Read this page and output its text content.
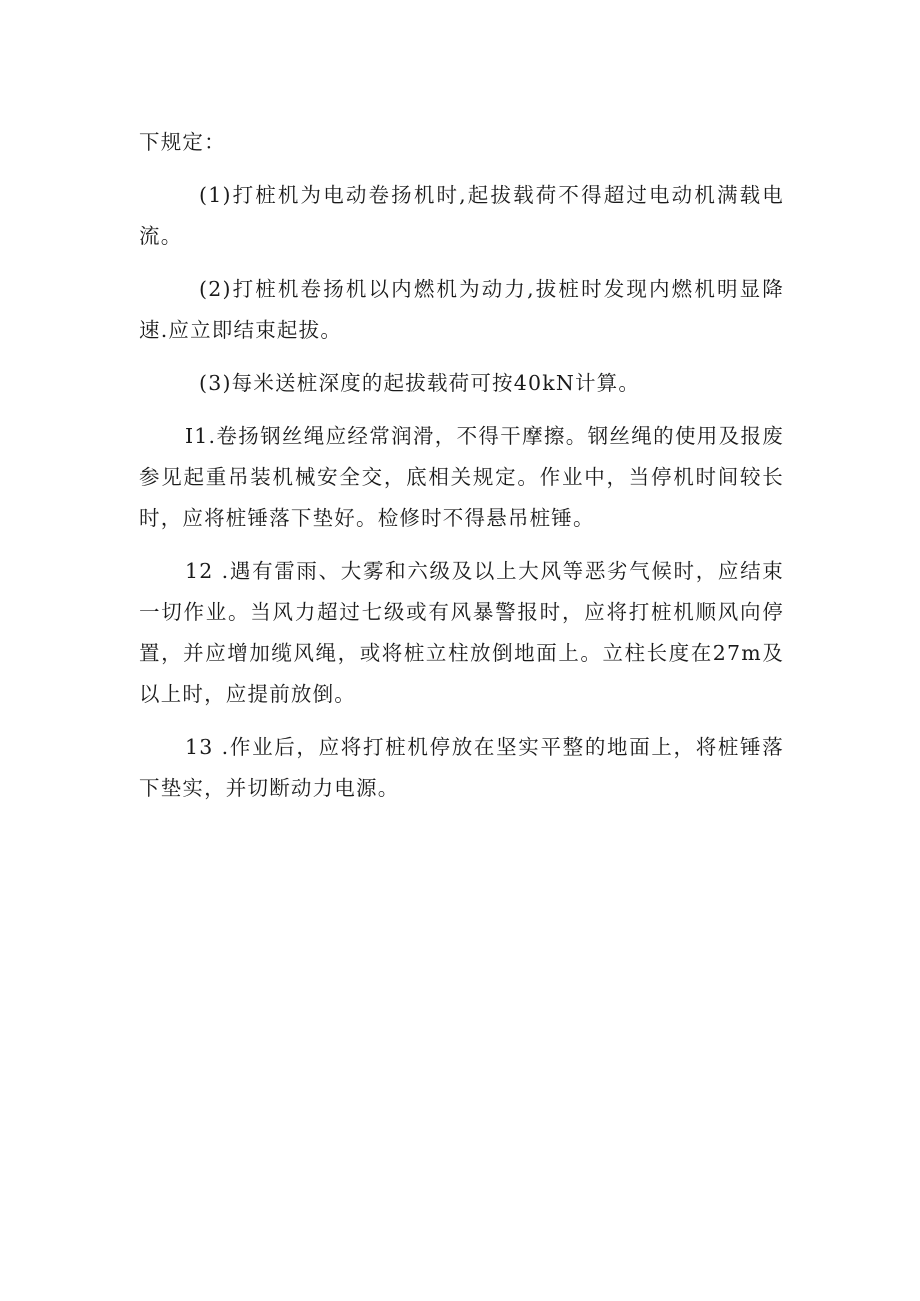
下规定：

(1)打桩机为电动卷扬机时,起拔载荷不得超过电动机满载电流。

(2)打桩机卷扬机以内燃机为动力,拔桩时发现内燃机明显降速.应立即结束起拔。

(3)每米送桩深度的起拔载荷可按40kN计算。

I1.卷扬钢丝绳应经常润滑，不得干摩擦。钢丝绳的使用及报废参见起重吊装机械安全交，底相关规定。作业中，当停机时间较长时，应将桩锤落下垫好。检修时不得悬吊桩锤。

12 .遇有雷雨、大雾和六级及以上大风等恶劣气候时，应结束一切作业。当风力超过七级或有风暴警报时，应将打桩机顺风向停置，并应增加缆风绳，或将桩立柱放倒地面上。立柱长度在27m及以上时，应提前放倒。

13 .作业后，应将打桩机停放在坚实平整的地面上，将桩锤落下垫实，并切断动力电源。
